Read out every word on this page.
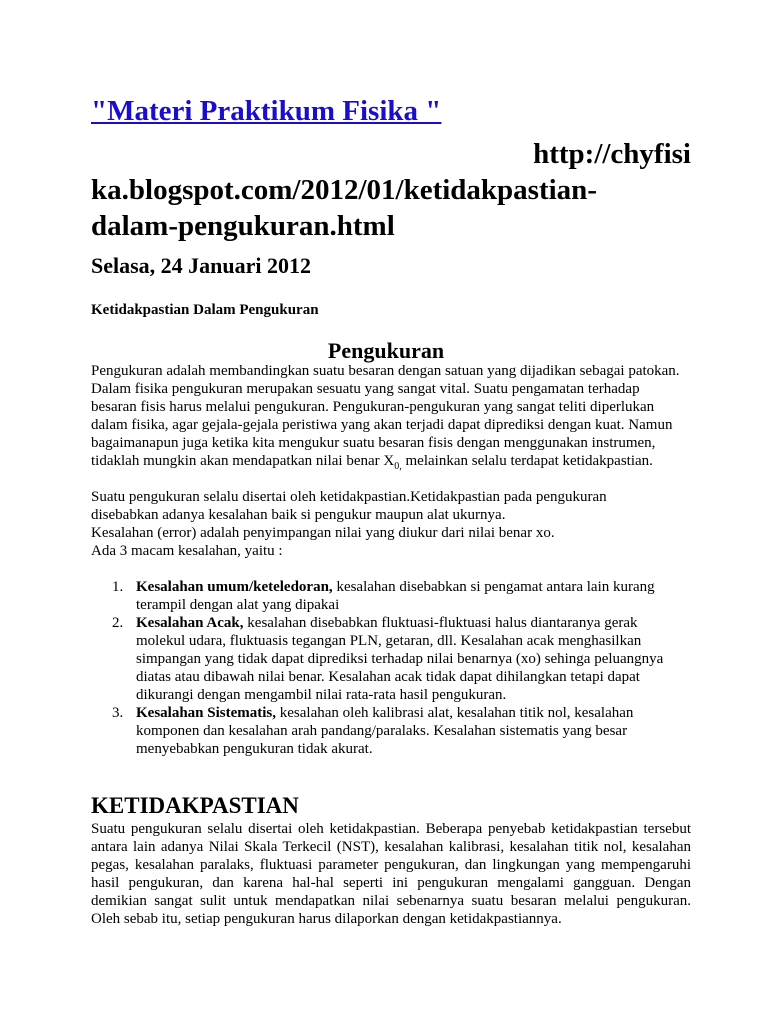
"Materi Praktikum Fisika "
http://chyfisi
ka.blogspot.com/2012/01/ketidakpastian-
dalam-pengukuran.html
Selasa, 24 Januari 2012
Ketidakpastian Dalam Pengukuran
Pengukuran

Pengukuran adalah membandingkan suatu besaran dengan satuan yang dijadikan sebagai patokan.
Dalam fisika pengukuran merupakan sesuatu yang sangat vital. Suatu pengamatan terhadap
besaran fisis harus melalui pengukuran. Pengukuran-pengukuran yang sangat teliti diperlukan
dalam fisika, agar gejala-gejala peristiwa yang akan terjadi dapat diprediksi dengan kuat. Namun
bagaimanapun juga ketika kita mengukur suatu besaran fisis dengan menggunakan instrumen,
tidaklah mungkin akan mendapatkan nilai benar $X_{0,}$ melainkan selalu terdapat ketidakpastian.

Suatu pengukuran selalu disertai oleh ketidakpastian.Ketidakpastian pada pengukuran
disebabkan adanya kesalahan baik si pengukur maupun alat ukurnya.
Kesalahan (error) adalah penyimpangan nilai yang diukur dari nilai benar xo.
Ada 3 macam kesalahan, yaitu :

1. Kesalahan umum/keteledoran, kesalahan disebabkan si pengamat antara lain kurang
terampil dengan alat yang dipakai
2. Kesalahan Acak, kesalahan disebabkan fluktuasi-fluktuasi halus diantaranya gerak
molekul udara, fluktuasis tegangan PLN, getaran, dll. Kesalahan acak menghasilkan
simpangan yang tidak dapat diprediksi terhadap nilai benarnya (xo) sehinga peluangnya
diatas atau dibawah nilai benar. Kesalahan acak tidak dapat dihilangkan tetapi dapat
dikurangi dengan mengambil nilai rata-rata hasil pengukuran.
3. Kesalahan Sistematis, kesalahan oleh kalibrasi alat, kesalahan titik nol, kesalahan
komponen dan kesalahan arah pandang/paralaks. Kesalahan sistematis yang besar
menyebabkan pengukuran tidak akurat.
KETIDAKPASTIAN

Suatu pengukuran selalu disertai oleh ketidakpastian. Beberapa penyebab ketidakpastian tersebut
antara lain adanya Nilai Skala Terkecil (NST), kesalahan kalibrasi, kesalahan titik nol, kesalahan
pegas, kesalahan paralaks, fluktuasi parameter pengukuran, dan lingkungan yang mempengaruhi
hasil pengukuran, dan karena hal-hal seperti ini pengukuran mengalami gangguan. Dengan
demikian sangat sulit untuk mendapatkan nilai sebenarnya suatu besaran melalui pengukuran.
Oleh sebab itu, setiap pengukuran harus dilaporkan dengan ketidakpastiannya.
